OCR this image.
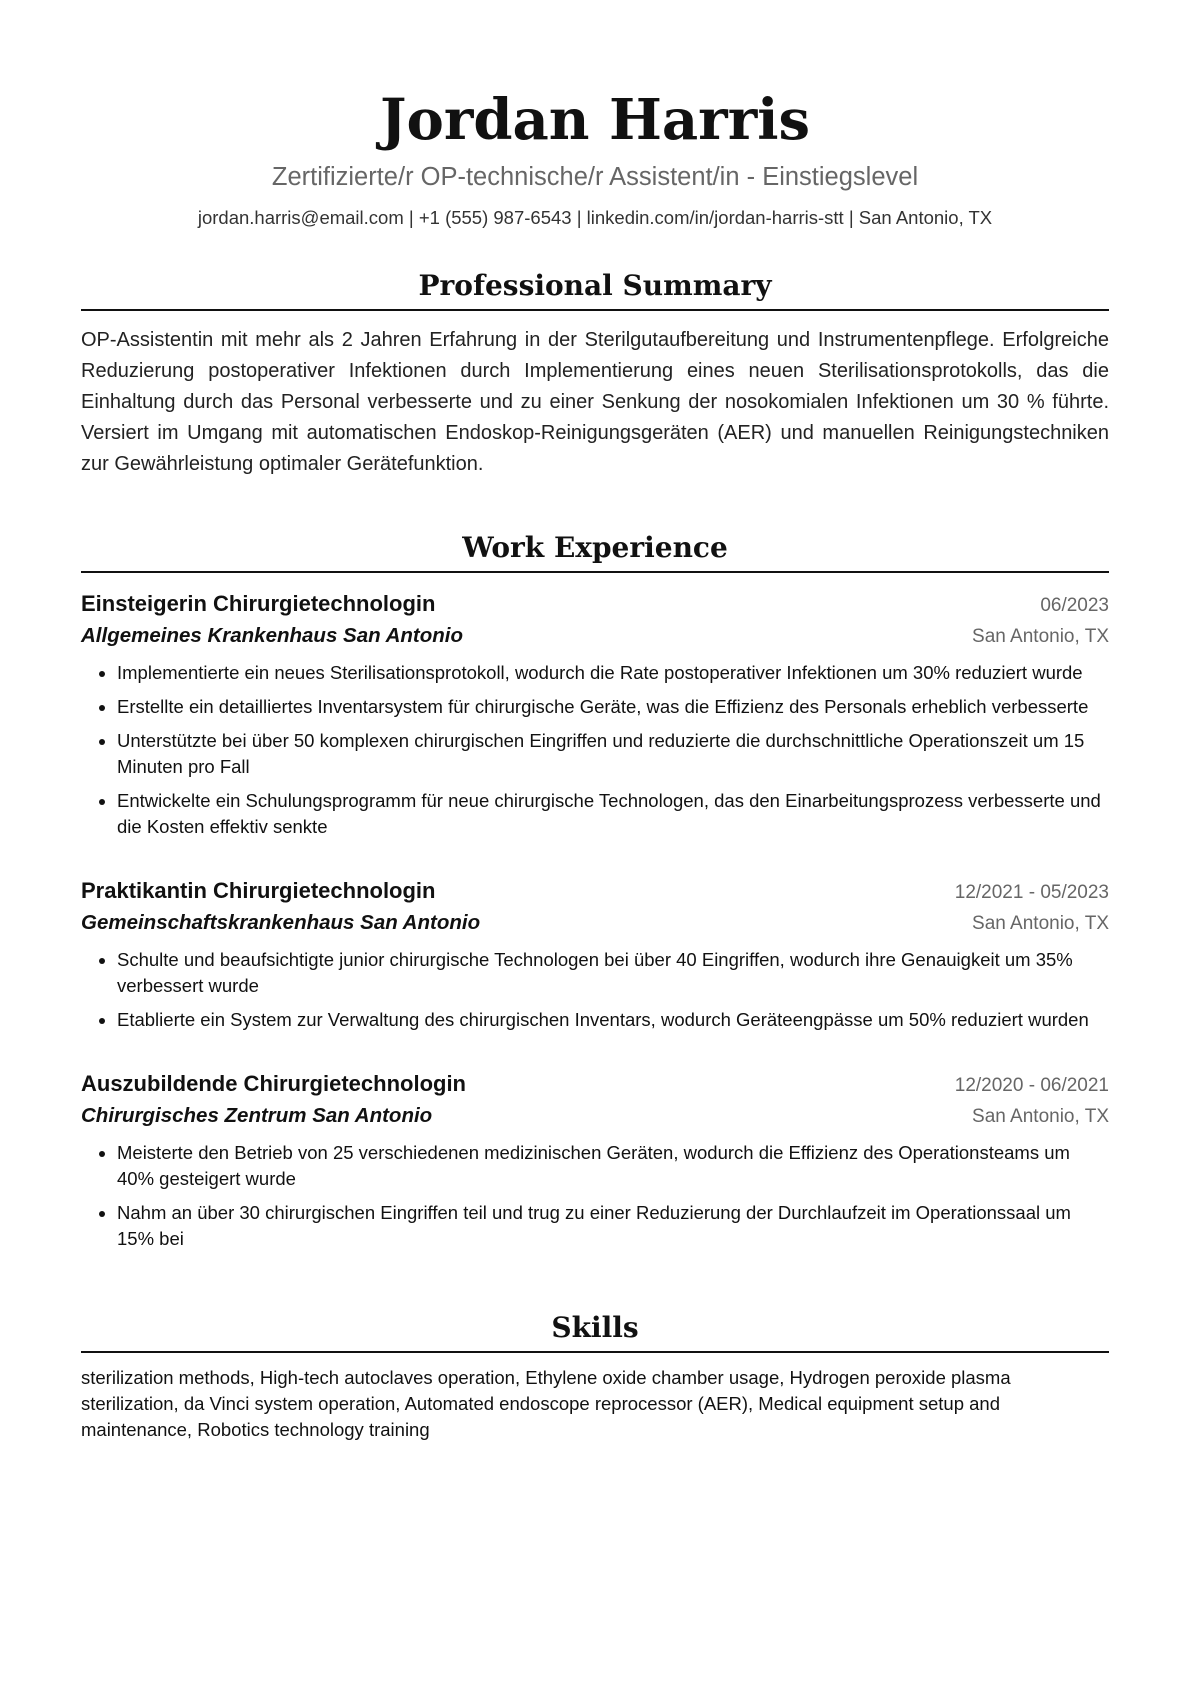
Jordan Harris
Zertifizierte/r OP-technische/r Assistent/in - Einstiegslevel
jordan.harris@email.com | +1 (555) 987-6543 | linkedin.com/in/jordan-harris-stt | San Antonio, TX
Professional Summary

OP-Assistentin mit mehr als 2 Jahren Erfahrung in der Sterilgutaufbereitung und Instrumentenpflege. Erfolgreiche Reduzierung postoperativer Infektionen durch Implementierung eines neuen Sterilisationsprotokolls, das die Einhaltung durch das Personal verbesserte und zu einer Senkung der nosokomialen Infektionen um 30 % führte. Versiert im Umgang mit automatischen Endoskop-Reinigungsgeräten (AER) und manuellen Reinigungstechniken zur Gewährleistung optimaler Gerätefunktion.

Work Experience
Einsteigerin Chirurgietechnologin	06/2023
Allgemeines Krankenhaus San Antonio	San Antonio, TX
• Implementierte ein neues Sterilisationsprotokoll, wodurch die Rate postoperativer Infektionen um 30% reduziert wurde
• Erstellte ein detailliertes Inventarsystem für chirurgische Geräte, was die Effizienz des Personals erheblich verbesserte
• Unterstützte bei über 50 komplexen chirurgischen Eingriffen und reduzierte die durchschnittliche Operationszeit um 15 Minuten pro Fall
• Entwickelte ein Schulungsprogramm für neue chirurgische Technologen, das den Einarbeitungsprozess verbesserte und die Kosten effektiv senkte
Praktikantin Chirurgietechnologin	12/2021 - 05/2023
Gemeinschaftskrankenhaus San Antonio	San Antonio, TX
• Schulte und beaufsichtigte junior chirurgische Technologen bei über 40 Eingriffen, wodurch ihre Genauigkeit um 35% verbessert wurde
• Etablierte ein System zur Verwaltung des chirurgischen Inventars, wodurch Geräteengpässe um 50% reduziert wurden
Auszubildende Chirurgietechnologin	12/2020 - 06/2021
Chirurgisches Zentrum San Antonio	San Antonio, TX
• Meisterte den Betrieb von 25 verschiedenen medizinischen Geräten, wodurch die Effizienz des Operationsteams um 40% gesteigert wurde
• Nahm an über 30 chirurgischen Eingriffen teil und trug zu einer Reduzierung der Durchlaufzeit im Operationssaal um 15% bei
Skills
sterilization methods, High-tech autoclaves operation, Ethylene oxide chamber usage, Hydrogen peroxide plasma sterilization, da Vinci system operation, Automated endoscope reprocessor (AER), Medical equipment setup and maintenance, Robotics technology training
